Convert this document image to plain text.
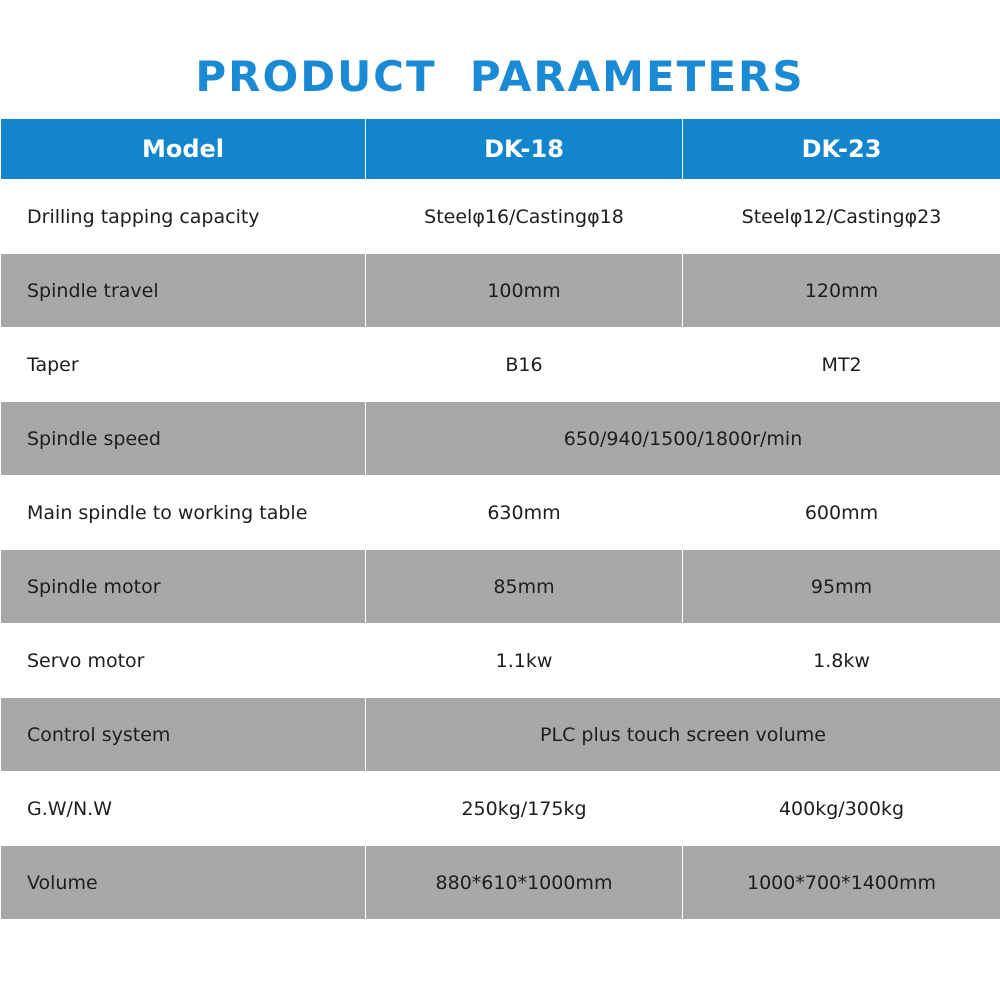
PRODUCT  PARAMETERS
Model	DK-18	DK-23
Drilling tapping capacity	Steelφ16/Castingφ18	Steelφ12/Castingφ23
Spindle travel	100mm	120mm
Taper	B16	MT2
Spindle speed	650/940/1500/1800r/min	
Main spindle to working table	630mm	600mm
Spindle motor	85mm	95mm
Servo motor	1.1kw	1.8kw
Control system	PLC plus touch screen volume	
G.W/N.W	250kg/175kg	400kg/300kg
Volume	880*610*1000mm	1000*700*1400mm
